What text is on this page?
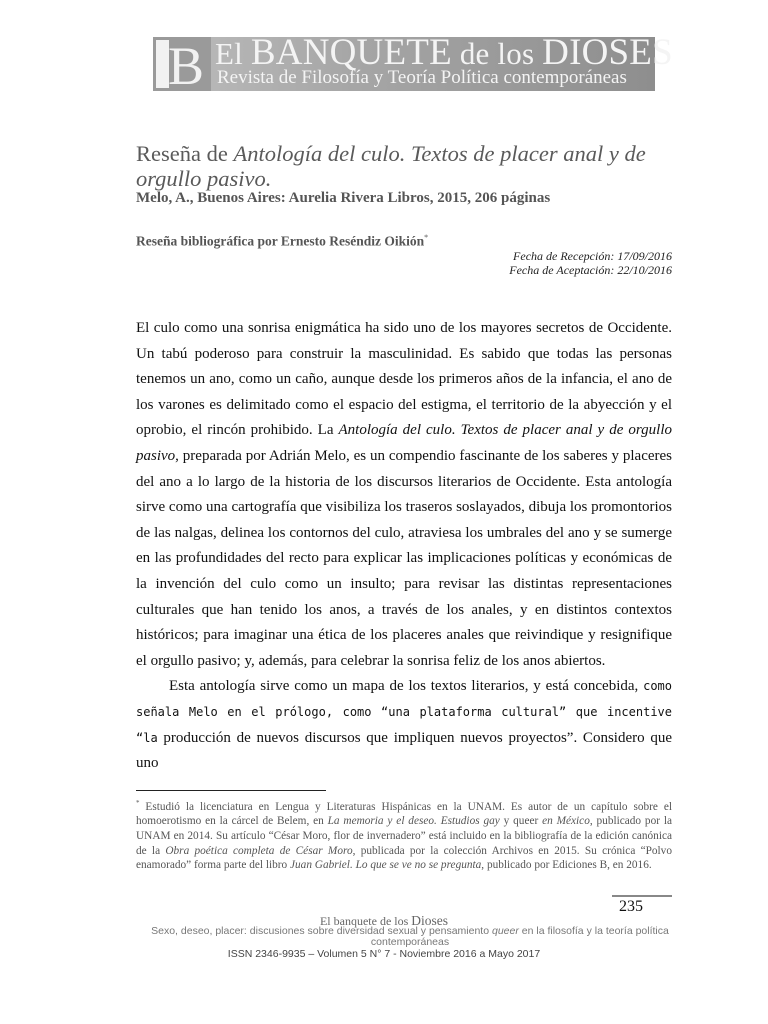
B El BANQUETE de los DIOSES
Revista de Filosofía y Teoría Política contemporáneas
Reseña de Antología del culo. Textos de placer anal y de orgullo pasivo.
Melo, A., Buenos Aires: Aurelia Rivera Libros, 2015, 206 páginas
Reseña bibliográfica por Ernesto Reséndiz Oikión*
Fecha de Recepción: 17/09/2016
Fecha de Aceptación: 22/10/2016

El culo como una sonrisa enigmática ha sido uno de los mayores secretos de Occidente. Un tabú poderoso para construir la masculinidad. Es sabido que todas las personas tenemos un ano, como un caño, aunque desde los primeros años de la infancia, el ano de los varones es delimitado como el espacio del estigma, el territorio de la abyección y el oprobio, el rincón prohibido. La Antología del culo. Textos de placer anal y de orgullo pasivo, preparada por Adrián Melo, es un compendio fascinante de los saberes y placeres del ano a lo largo de la historia de los discursos literarios de Occidente. Esta antología sirve como una cartografía que visibiliza los traseros soslayados, dibuja los promontorios de las nalgas, delinea los contornos del culo, atraviesa los umbrales del ano y se sumerge en las profundidades del recto para explicar las implicaciones políticas y económicas de la invención del culo como un insulto; para revisar las distintas representaciones culturales que han tenido los anos, a través de los anales, y en distintos contextos históricos; para imaginar una ética de los placeres anales que reivindique y resignifique el orgullo pasivo; y, además, para celebrar la sonrisa feliz de los anos abiertos.

Esta antología sirve como un mapa de los textos literarios, y está concebida, como señala Melo en el prólogo, como “una plataforma cultural” que incentive “la producción de nuevos discursos que impliquen nuevos proyectos”. Considero que uno

* Estudió la licenciatura en Lengua y Literaturas Hispánicas en la UNAM. Es autor de un capítulo sobre el homoerotismo en la cárcel de Belem, en La memoria y el deseo. Estudios gay y queer en México, publicado por la UNAM en 2014. Su artículo “César Moro, flor de invernadero” está incluido en la bibliografía de la edición canónica de la Obra poética completa de César Moro, publicada por la colección Archivos en 2015. Su crónica “Polvo enamorado” forma parte del libro Juan Gabriel. Lo que se ve no se pregunta, publicado por Ediciones B, en 2016.
235
El banquete de los Dioses
Sexo, deseo, placer: discusiones sobre diversidad sexual y pensamiento queer en la filosofía y la teoría política contemporáneas
ISSN 2346-9935 – Volumen 5 N° 7 - Noviembre 2016 a Mayo 2017
